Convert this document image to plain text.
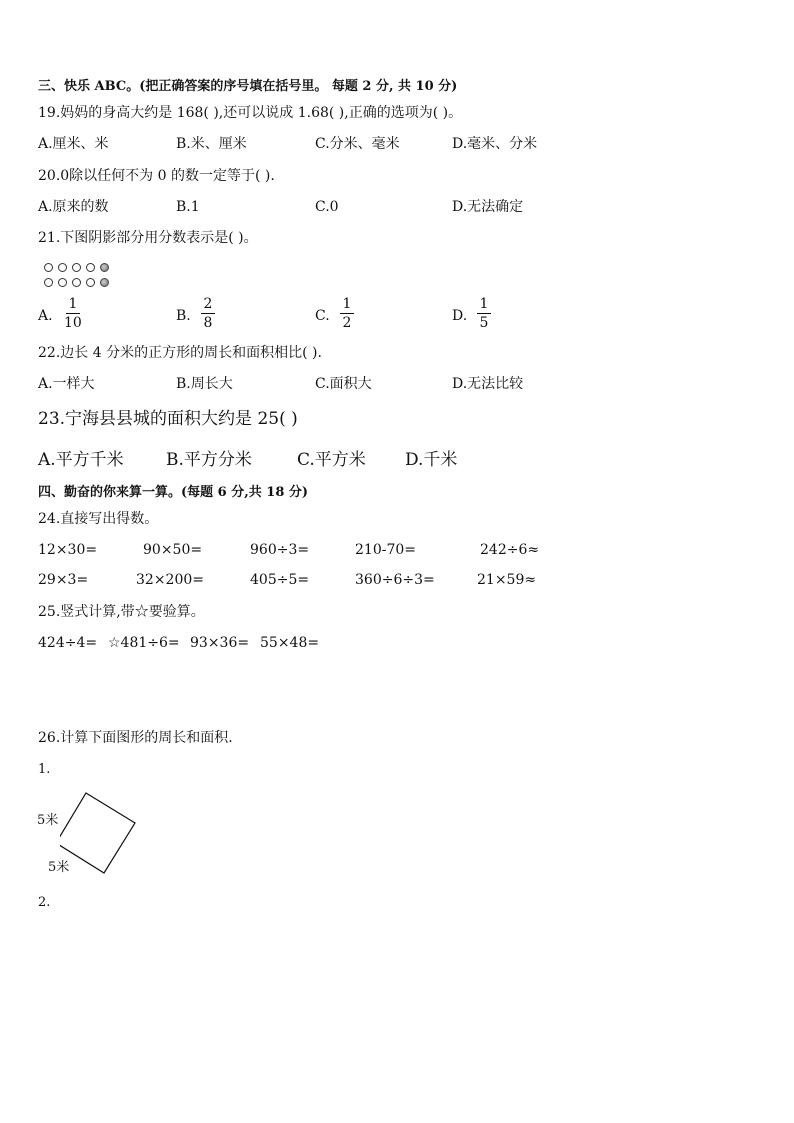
三、快乐 ABC。(把正确答案的序号填在括号里。 每题 2 分, 共 10 分)
19.妈妈的身高大约是 168( ),还可以说成 1.68( ),正确的选项为( )。
A.厘米、米	B.米、厘米	C.分米、毫米	D.毫米、分米
20.0除以任何不为 0 的数一定等于( ).
A.原来的数	B.1	C.0	D.无法确定
21.下图阴影部分用分数表示是( )。
A.
1
10	B.
2
8	C.
1
2	D.
1
5
22.边长 4 分米的正方形的周长和面积相比( ).
A.一样大	B.周长大	C.面积大	D.无法比较
23.宁海县县城的面积大约是 25( )
A.平方千米 B.平方分米	C.平方米 D.千米
四、勤奋的你来算一算。(每题 6 分,共 18 分)
24.直接写出得数。
12×30=	90×50=	960÷3=	210-70=	242÷6≈
29×3=	32×200=	405÷5=	360÷6÷3=	21×59≈
25.竖式计算,带☆要验算。
424÷4= ☆481÷6= 93×36= 55×48=
26.计算下面图形的周长和面积.
1.
5米
5米
2.
